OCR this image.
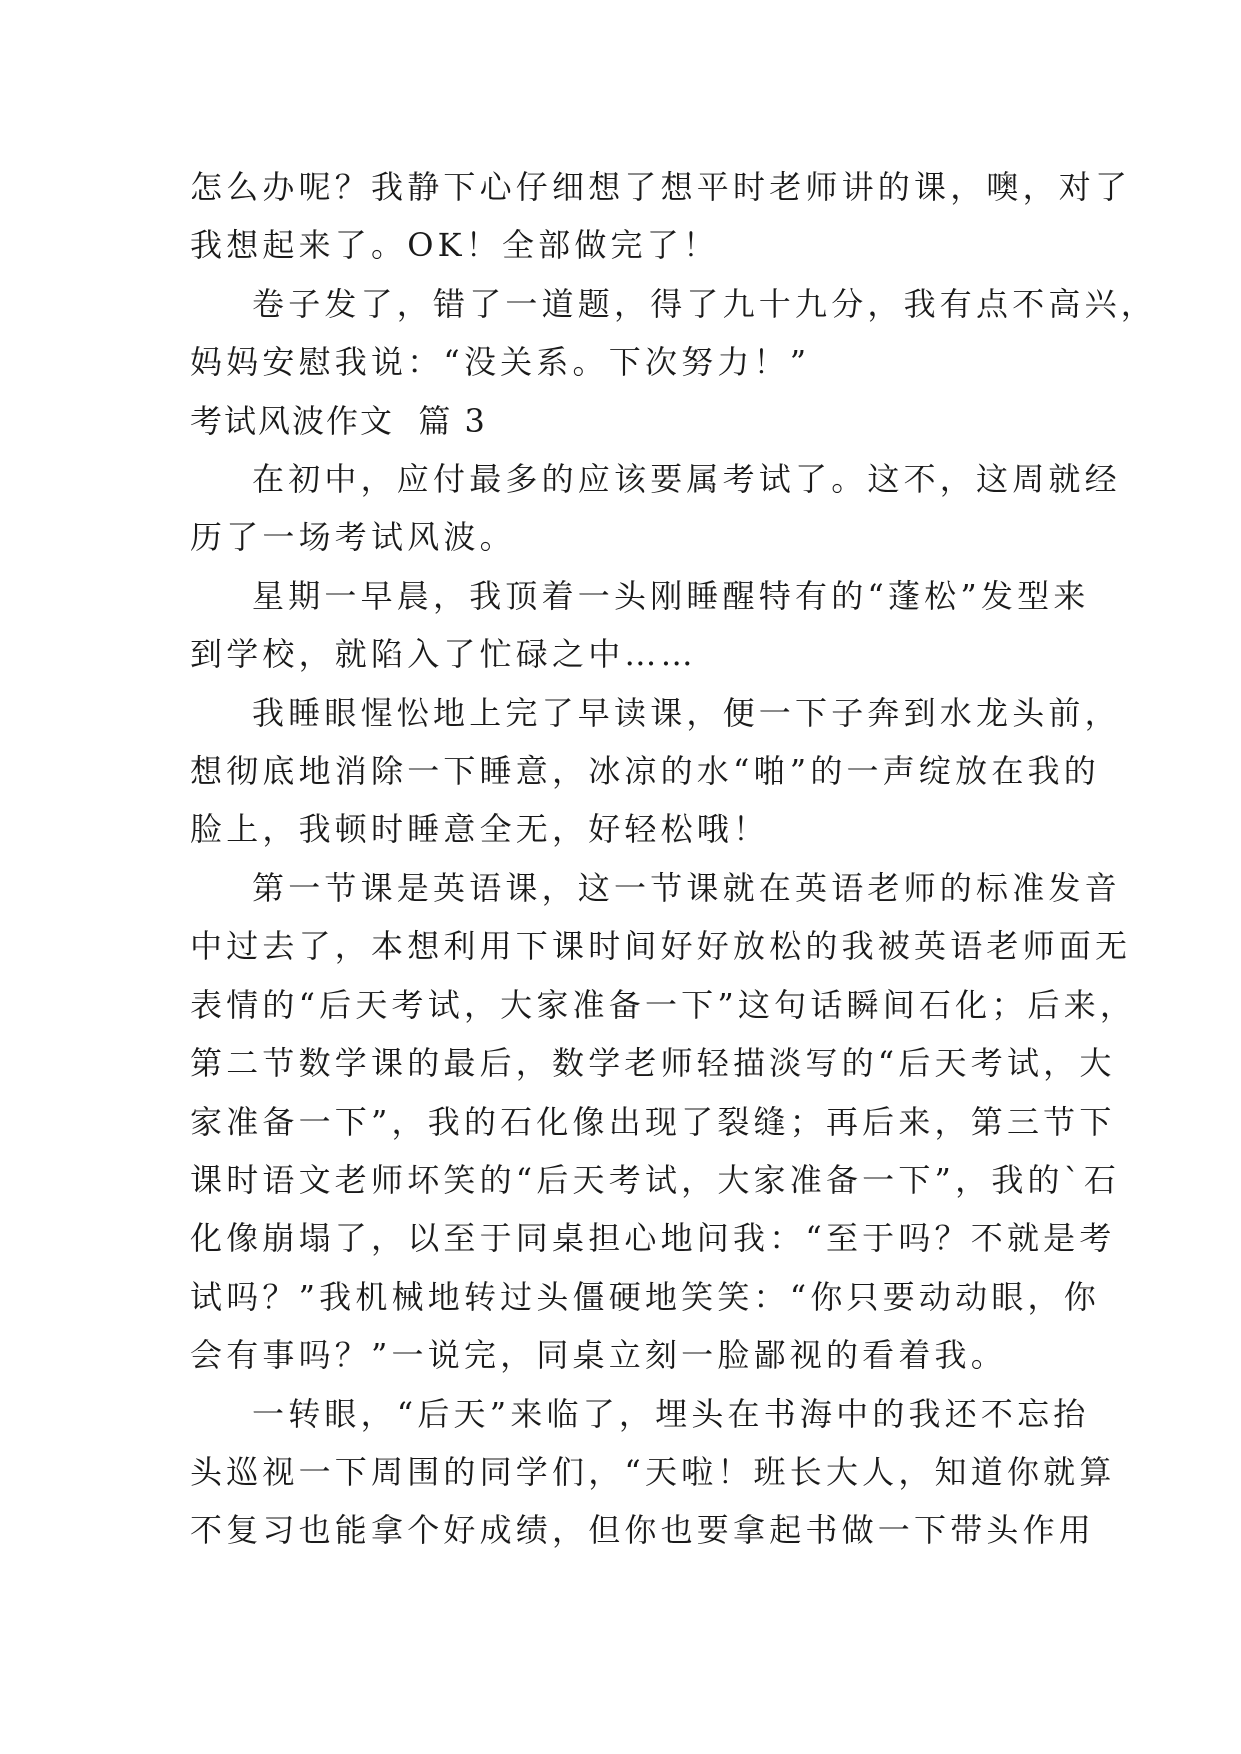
怎么办呢？我静下心仔细想了想平时老师讲的课，噢，对了
我想起来了。OK！全部做完了！

卷子发了，错了一道题，得了九十九分，我有点不高兴，
妈妈安慰我说：“没关系。下次努力！”

考试风波作文  篇 3

在初中，应付最多的应该要属考试了。这不，这周就经
历了一场考试风波。

星期一早晨，我顶着一头刚睡醒特有的“蓬松”发型来
到学校，就陷入了忙碌之中……

我睡眼惺忪地上完了早读课，便一下子奔到水龙头前，
想彻底地消除一下睡意，冰凉的水“啪”的一声绽放在我的
脸上，我顿时睡意全无，好轻松哦！

第一节课是英语课，这一节课就在英语老师的标准发音
中过去了，本想利用下课时间好好放松的我被英语老师面无
表情的“后天考试，大家准备一下”这句话瞬间石化；后来，
第二节数学课的最后，数学老师轻描淡写的“后天考试，大
家准备一下”，我的石化像出现了裂缝；再后来，第三节下
课时语文老师坏笑的“后天考试，大家准备一下”，我的`石
化像崩塌了，以至于同桌担心地问我：“至于吗？不就是考
试吗？”我机械地转过头僵硬地笑笑：“你只要动动眼，你
会有事吗？”一说完，同桌立刻一脸鄙视的看着我。

一转眼，“后天”来临了，埋头在书海中的我还不忘抬
头巡视一下周围的同学们，“天啦！班长大人，知道你就算
不复习也能拿个好成绩，但你也要拿起书做一下带头作用
